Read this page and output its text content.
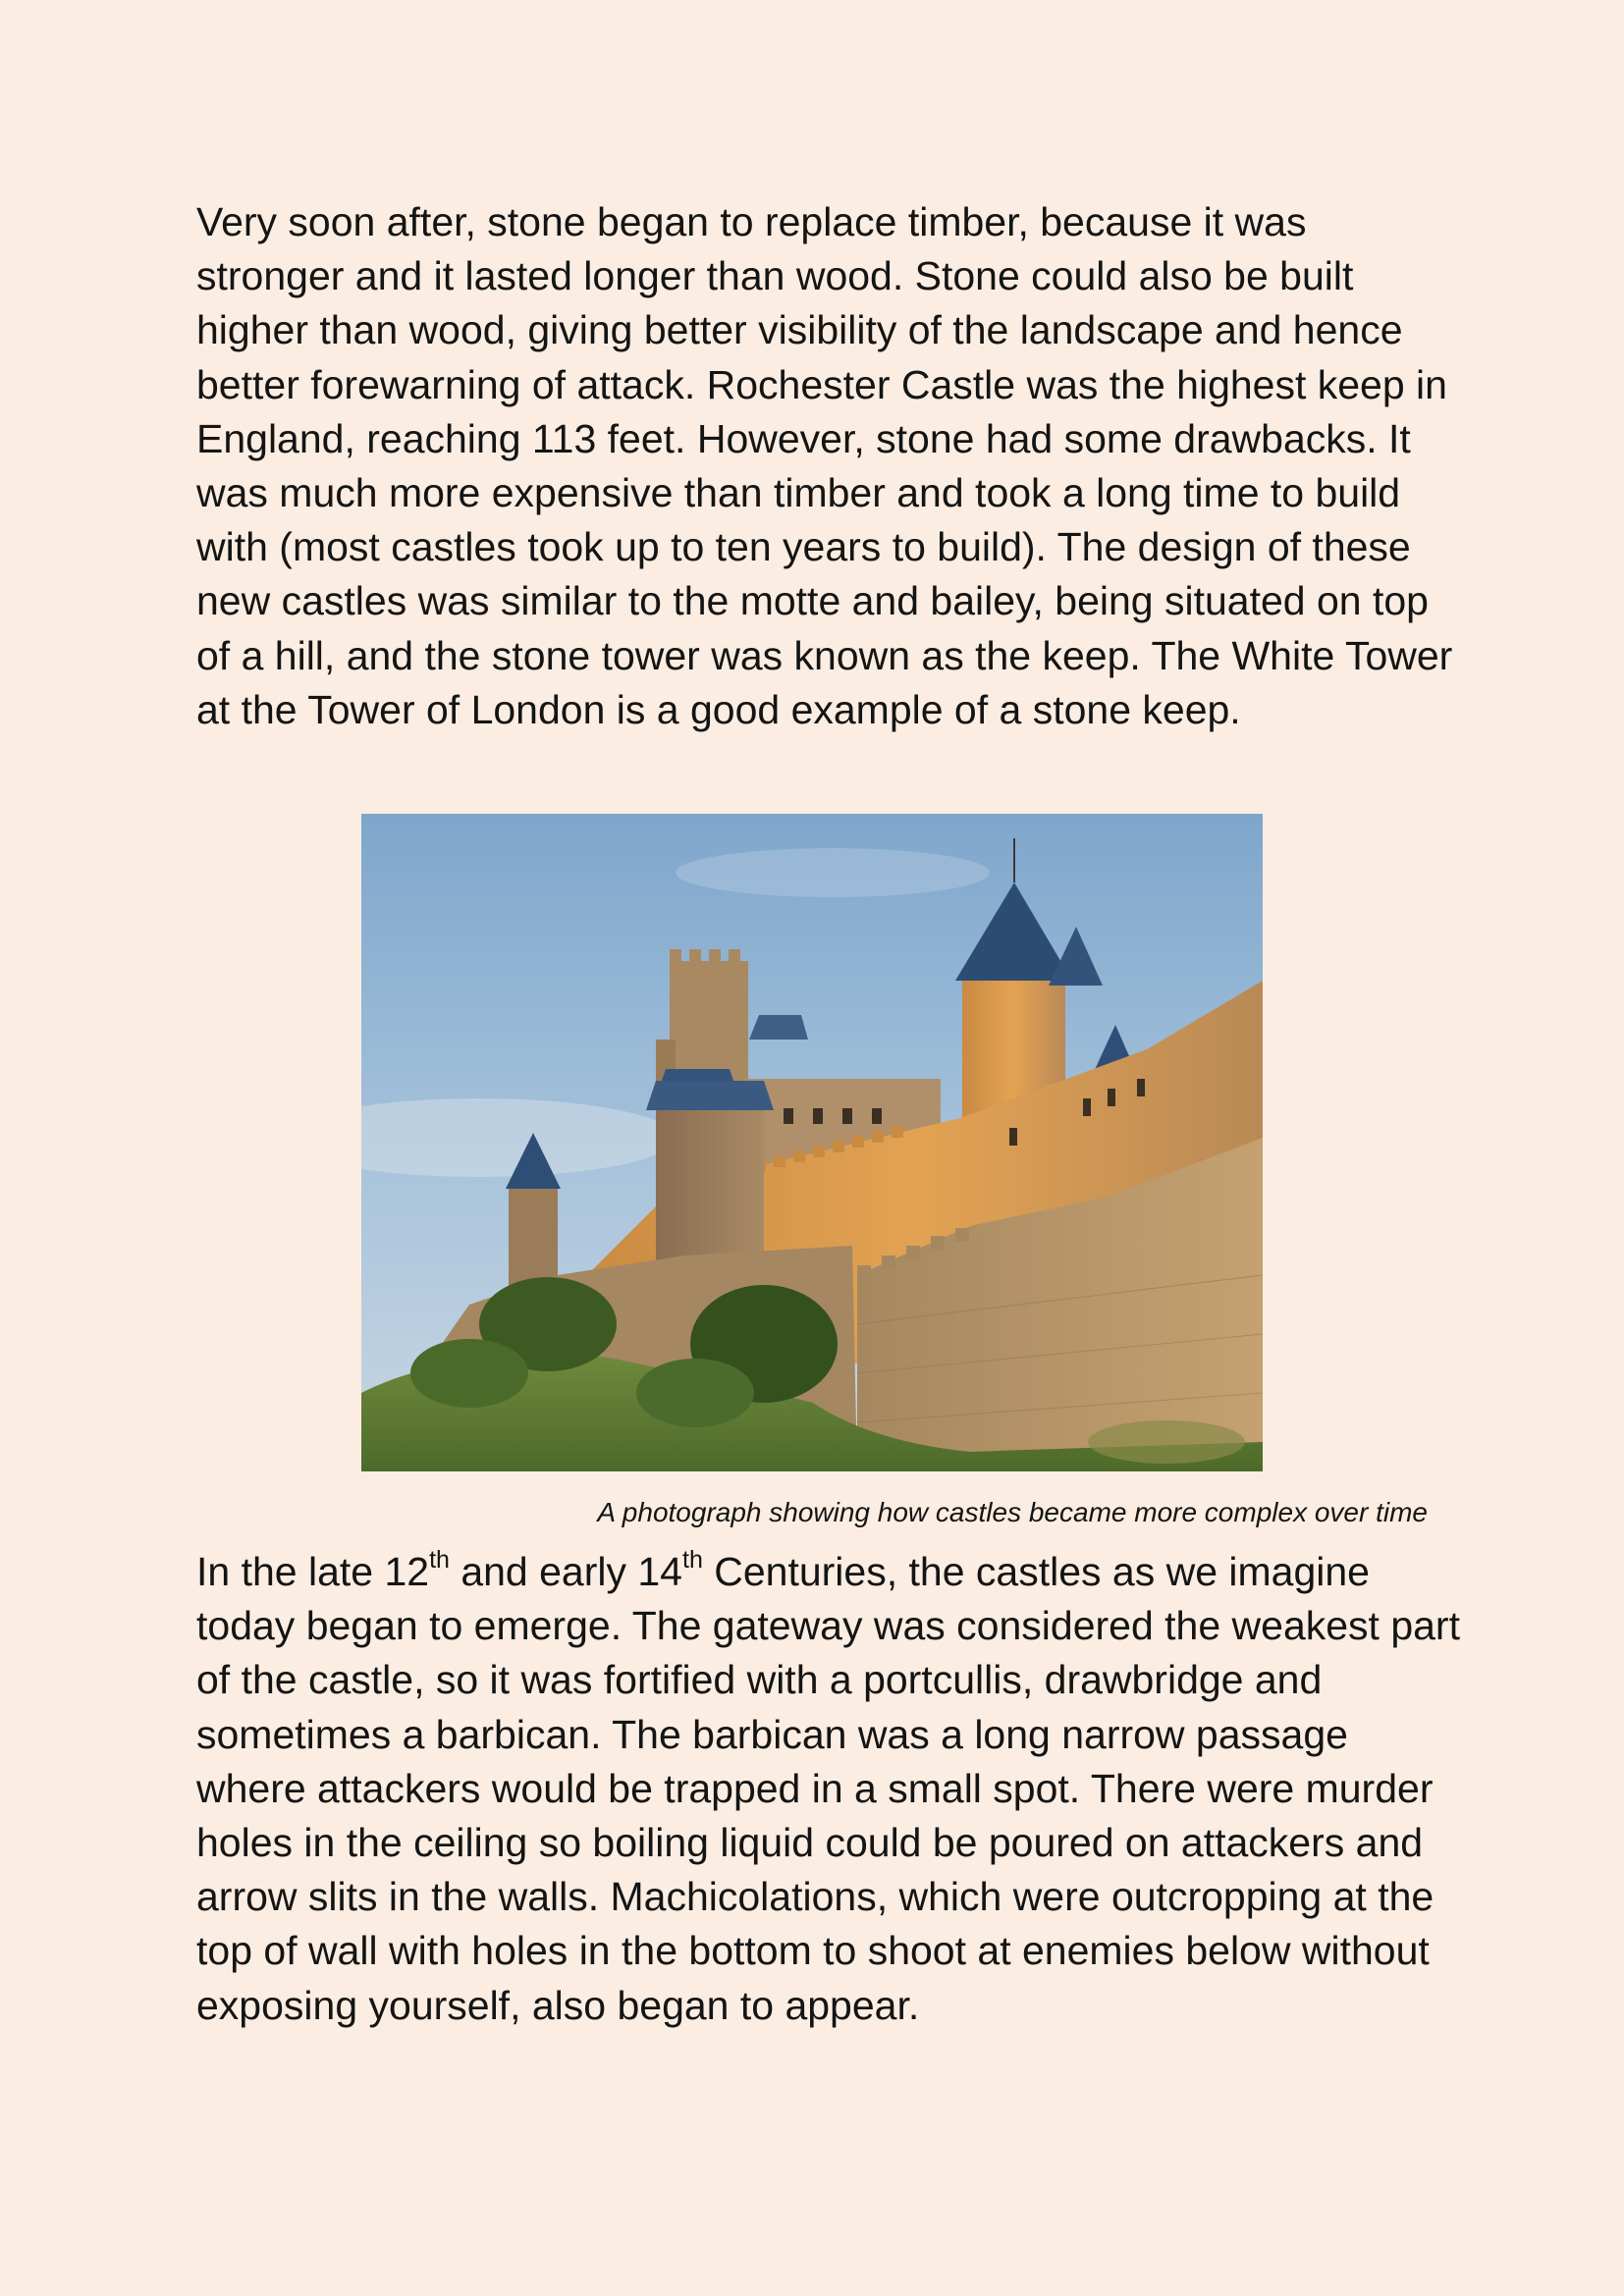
Very soon after, stone began to replace timber, because it was stronger and it lasted longer than wood. Stone could also be built higher than wood, giving better visibility of the landscape and hence better forewarning of attack. Rochester Castle was the highest keep in England, reaching 113 feet. However, stone had some drawbacks. It was much more expensive than timber and took a long time to build with (most castles took up to ten years to build). The design of these new castles was similar to the motte and bailey, being situated on top of a hill, and the stone tower was known as the keep. The White Tower at the Tower of London is a good example of a stone keep.

A photograph showing how castles became more complex over time

In the late 12th and early 14th Centuries, the castles as we imagine today began to emerge. The gateway was considered the weakest part of the castle, so it was fortified with a portcullis, drawbridge and sometimes a barbican. The barbican was a long narrow passage where attackers would be trapped in a small spot. There were murder holes in the ceiling so boiling liquid could be poured on attackers and arrow slits in the walls. Machicolations, which were outcropping at the top of wall with holes in the bottom to shoot at enemies below without exposing yourself, also began to appear.
